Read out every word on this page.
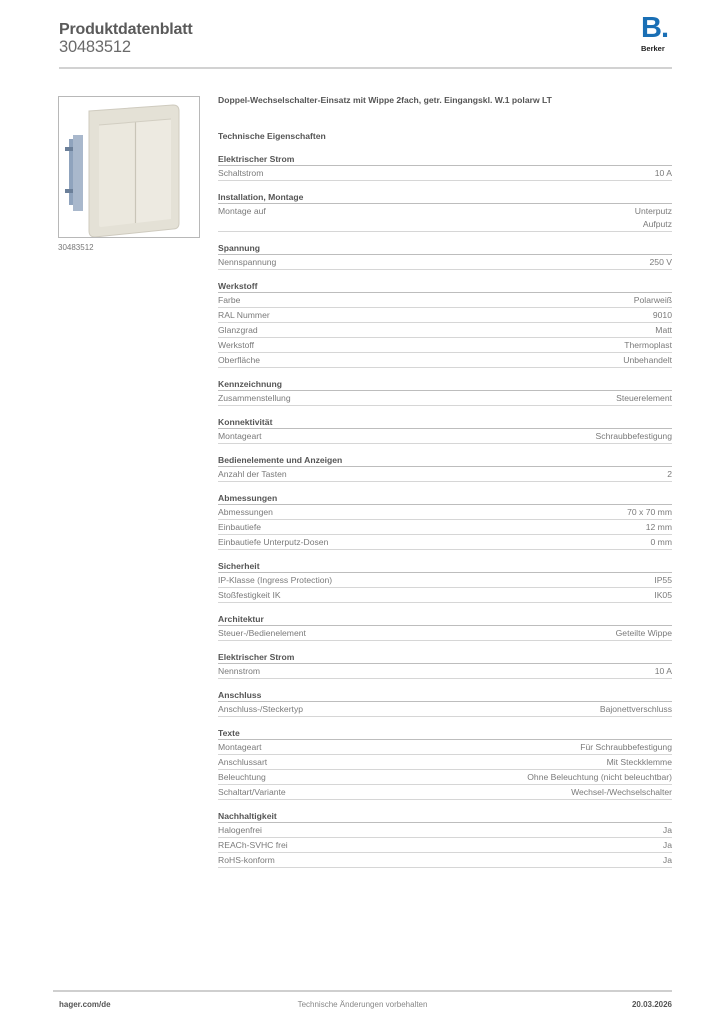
Produktdatenblatt
30483512
B.
Berker
30483512
Doppel-Wechselschalter-Einsatz mit Wippe 2fach, getr. Eingangskl. W.1 polarw LT
Technische Eigenschaften
Elektrischer Strom
Schaltstrom	10 A
Installation, Montage
Montage auf	Unterputz
Aufputz
Spannung
Nennspannung	250 V
Werkstoff
Farbe	Polarweiß
RAL Nummer	9010
Glanzgrad	Matt
Werkstoff	Thermoplast
Oberfläche	Unbehandelt
Kennzeichnung
Zusammenstellung	Steuerelement
Konnektivität
Montageart	Schraubbefestigung
Bedienelemente und Anzeigen
Anzahl der Tasten	2
Abmessungen
Abmessungen	70 x 70 mm
Einbautiefe	12 mm
Einbautiefe Unterputz-Dosen	0 mm
Sicherheit
IP-Klasse (Ingress Protection)	IP55
Stoßfestigkeit IK	IK05
Architektur
Steuer-/Bedienelement	Geteilte Wippe
Elektrischer Strom
Nennstrom	10 A
Anschluss
Anschluss-/Steckertyp	Bajonettverschluss
Texte
Montageart	Für Schraubbefestigung
Anschlussart	Mit Steckklemme
Beleuchtung	Ohne Beleuchtung (nicht beleuchtbar)
Schaltart/Variante	Wechsel-/Wechselschalter
Nachhaltigkeit
Halogenfrei	Ja
REACh-SVHC frei	Ja
RoHS-konform	Ja
hager.com/de	Technische Änderungen vorbehalten	20.03.2026
